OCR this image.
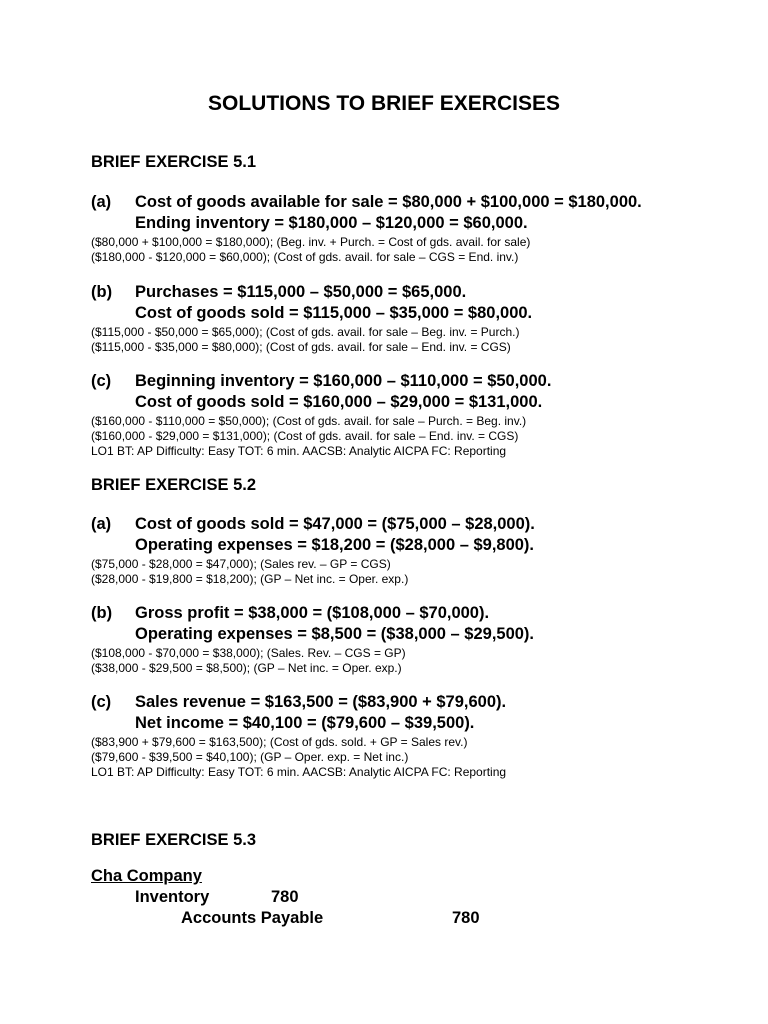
SOLUTIONS TO BRIEF EXERCISES
BRIEF EXERCISE 5.1
(a) Cost of goods available for sale = $80,000 + $100,000 = $180,000.
Ending inventory = $180,000 – $120,000 = $60,000.
($80,000 + $100,000 = $180,000); (Beg. inv. + Purch. = Cost of gds. avail. for sale)
($180,000 - $120,000 = $60,000); (Cost of gds. avail. for sale – CGS = End. inv.)
(b) Purchases = $115,000 – $50,000 = $65,000.
Cost of goods sold = $115,000 – $35,000 = $80,000.
($115,000 - $50,000 = $65,000); (Cost of gds. avail. for sale – Beg. inv. = Purch.)
($115,000 - $35,000 = $80,000); (Cost of gds. avail. for sale – End. inv. = CGS)
(c) Beginning inventory = $160,000 – $110,000 = $50,000.
Cost of goods sold = $160,000 – $29,000 = $131,000.
($160,000 - $110,000 = $50,000); (Cost of gds. avail. for sale – Purch. = Beg. inv.)
($160,000 - $29,000 = $131,000); (Cost of gds. avail. for sale – End. inv. = CGS)
LO1 BT: AP Difficulty: Easy TOT: 6 min. AACSB: Analytic AICPA FC: Reporting
BRIEF EXERCISE 5.2
(a) Cost of goods sold = $47,000 = ($75,000 – $28,000).
Operating expenses = $18,200 = ($28,000 – $9,800).
($75,000 - $28,000 = $47,000); (Sales rev. – GP = CGS)
($28,000 - $19,800 = $18,200); (GP – Net inc. = Oper. exp.)
(b) Gross profit = $38,000 = ($108,000 – $70,000).
Operating expenses = $8,500 = ($38,000 – $29,500).
($108,000 - $70,000 = $38,000); (Sales. Rev. – CGS = GP)
($38,000 - $29,500 = $8,500); (GP – Net inc. = Oper. exp.)
(c) Sales revenue = $163,500 = ($83,900 + $79,600).
Net income = $40,100 = ($79,600 – $39,500).
($83,900 + $79,600 = $163,500); (Cost of gds. sold. + GP = Sales rev.)
($79,600 - $39,500 = $40,100); (GP – Oper. exp. = Net inc.)
LO1 BT: AP Difficulty: Easy TOT: 6 min. AACSB: Analytic AICPA FC: Reporting
BRIEF EXERCISE 5.3
Cha Company
Inventory	780
Accounts Payable	780
